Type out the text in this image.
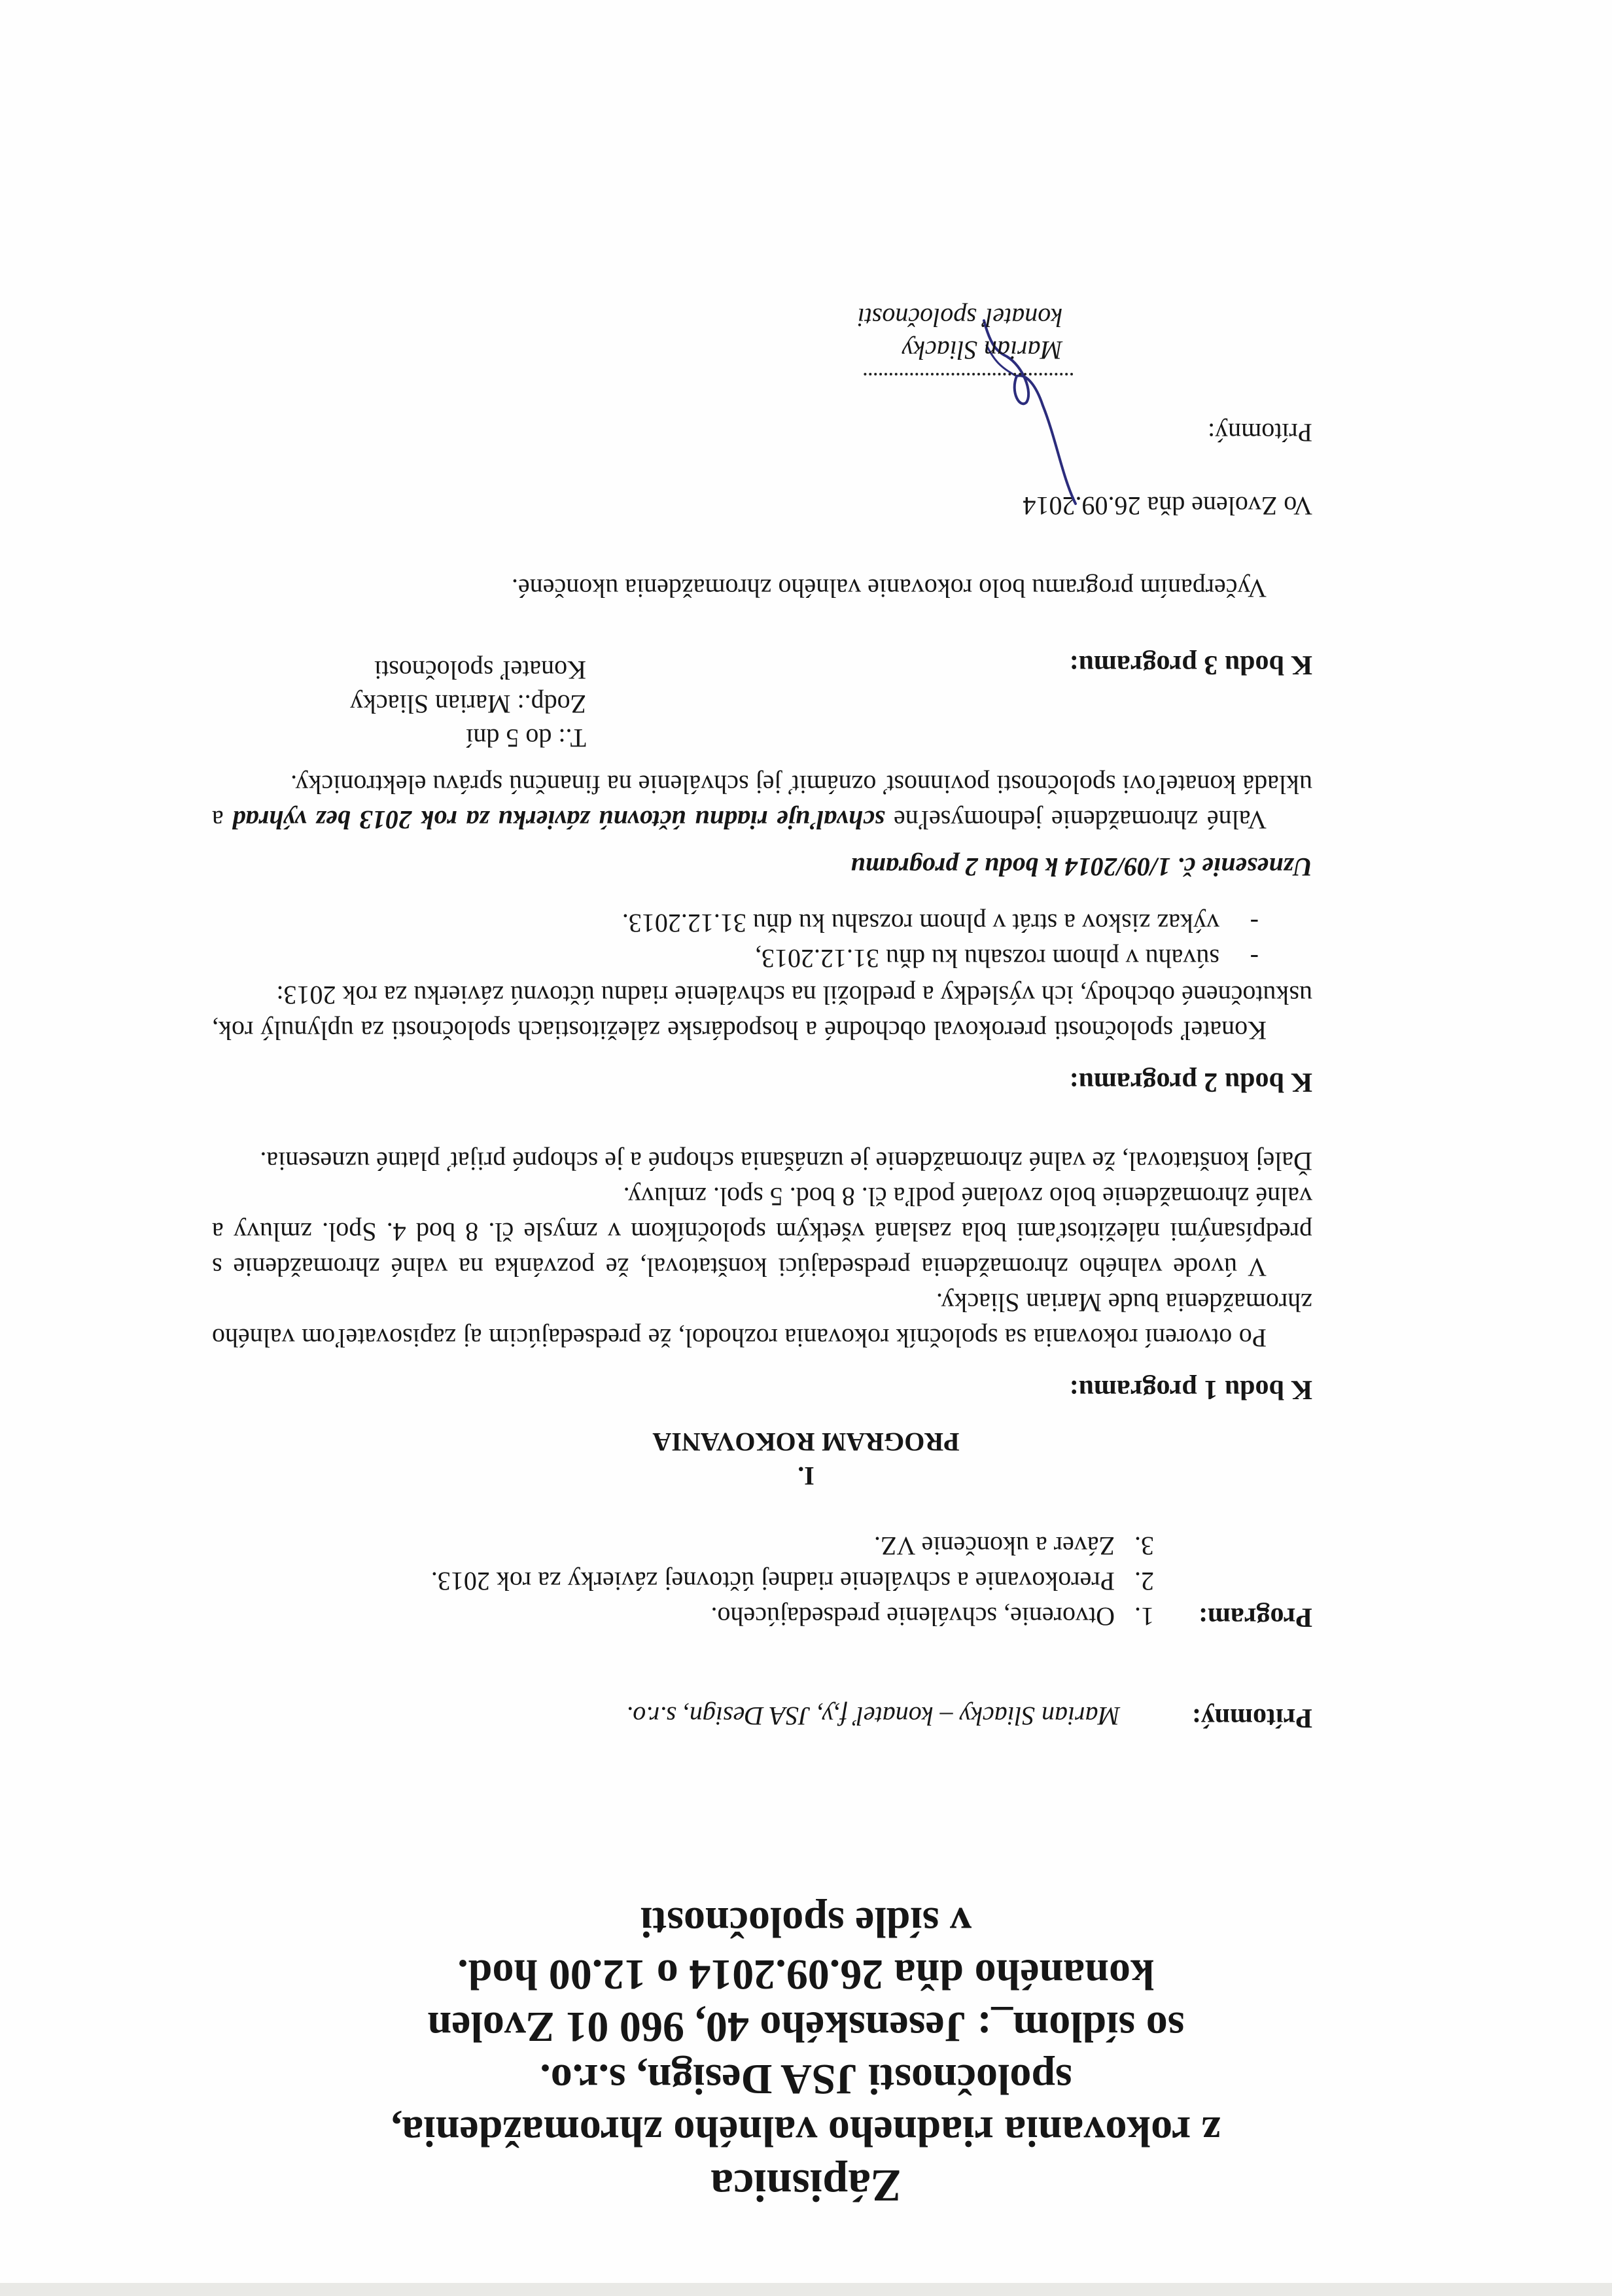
Zápisnica
z rokovania riadneho valného zhromaždenia,
spoločnosti JSA Design, s.r.o.
so sídlom_: Jesenského 40, 960 01 Zvolen
konaného dňa 26.09.2014 o 12.00 hod.
v sídle spoločnosti
Prítomný:
Marian Sliacky – konateľ f,y, JSA Design, s.r.o.
Program:
1. Otvorenie, schválenie predsedajúceho.
2. Prerokovanie a schválenie riadnej účtovnej závierky za rok 2013.
3. Záver a ukončenie VZ.
I.
PROGRAM ROKOVANIA
K bodu 1 programu:
Po otvorení rokovania sa spoločník rokovania rozhodol, že predsedajúcim aj zapisovateľom valného zhromaždenia bude Marian Sliacky.
V úvode valného zhromaždenia predsedajúci konštatoval, že pozvánka na valné zhromaždenie s predpísanými náležitosťami bola zaslaná všetkým spoločníkom v zmysle čl. 8 bod 4. Spol. zmluvy a valné zhromaždenie bolo zvolané podľa čl. 8 bod. 5 spol. zmluvy.
Ďalej konštatoval, že valné zhromaždenie je uznášania schopné a je schopné prijať platné uznesenia.
K bodu 2 programu:
Konateľ spoločnosti prerokoval obchodné a hospodárske záležitostiach spoločnosti za uplynulý rok, uskutočnené obchody, ich výsledky a predložil na schválenie riadnu účtovnú závierku za rok 2013:
- súvahu v plnom rozsahu ku dňu 31.12.2013,
- výkaz ziskov a strát v plnom rozsahu ku dňu 31.12.2013.
Uznesenie č. 1/09/2014 k bodu 2 programu
Valné zhromaždenie jednomyseľne schvaľuje riadnu účtovnú závierku za rok 2013 bez výhrad a ukladá konateľovi spoločnosti povinnosť oznámiť jej schválenie na finančnú správu elektronicky.
T.: do 5 dní
Zodp.: Marian Sliacky
Konateľ spoločnosti	K bodu 3 programu:
Vyčerpaním programu bolo rokovanie valného zhromaždenia ukončené.
Vo Zvolene dňa 26.09.2014
Prítomný:
Marian Sliacky
konateľ spoločnosti
